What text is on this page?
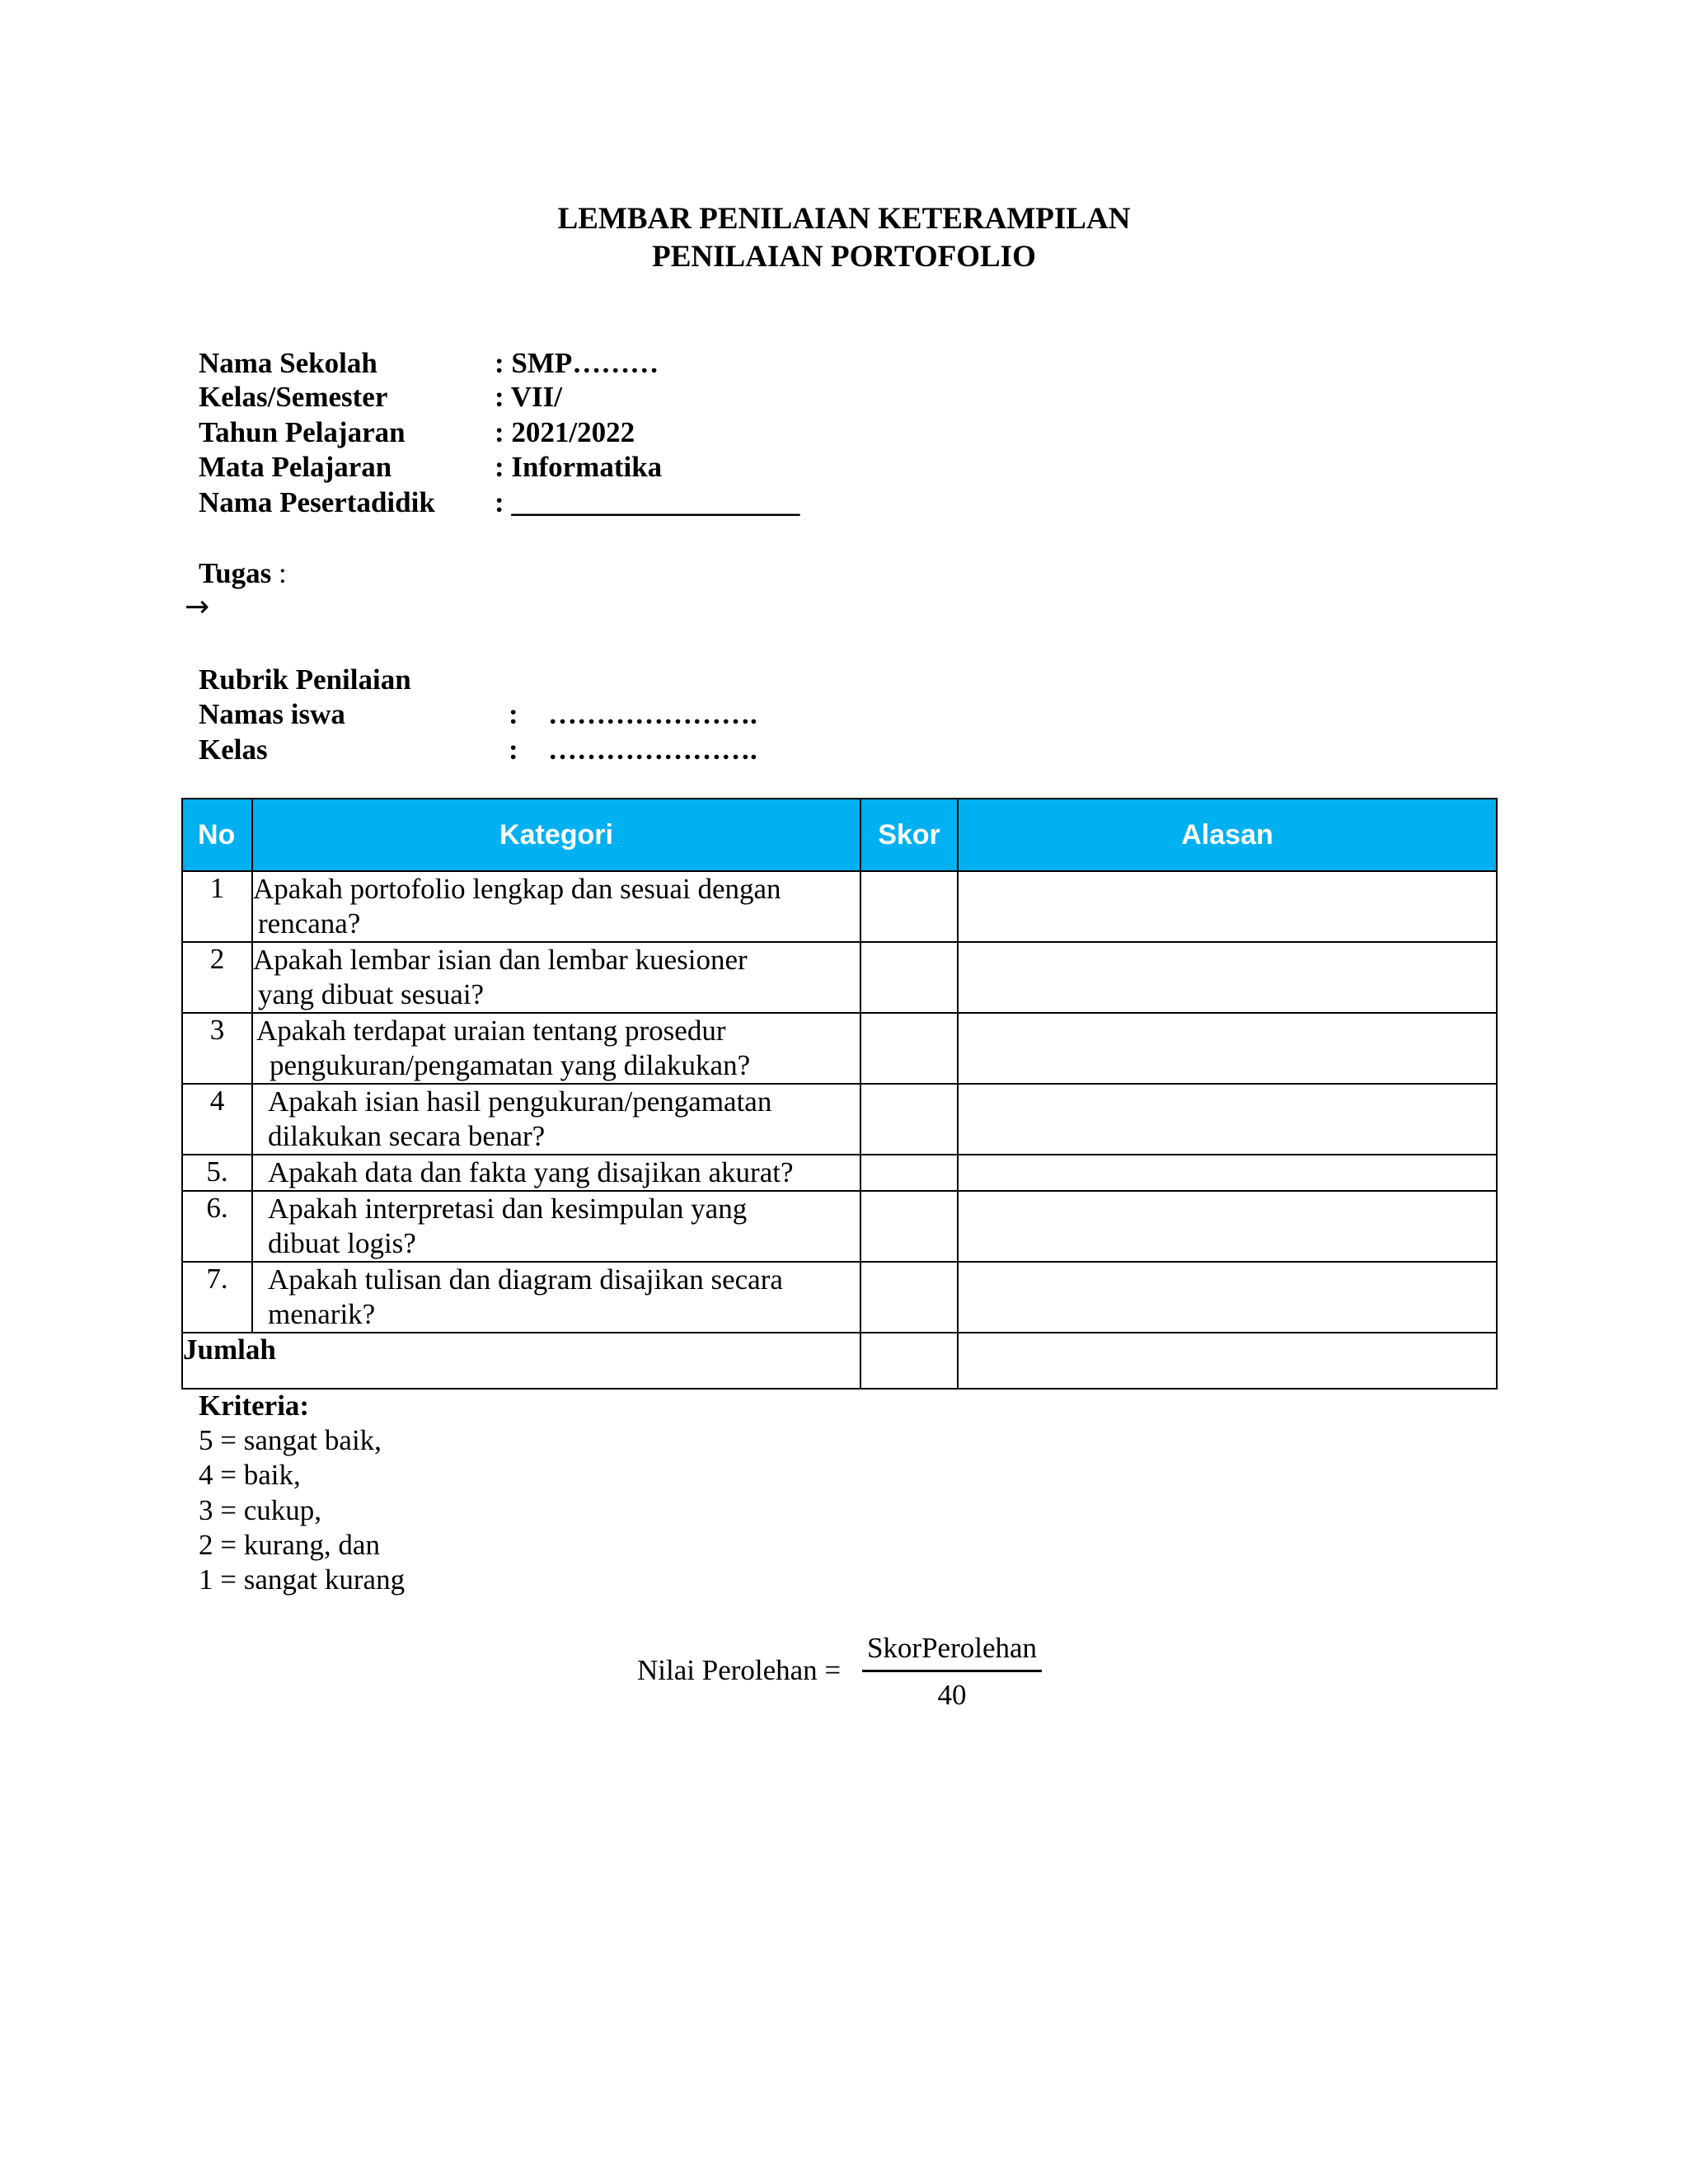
LEMBAR PENILAIAN KETERAMPILAN
PENILAIAN PORTOFOLIO
Nama Sekolah	: SMP………
Kelas/Semester	: VII/
Tahun Pelajaran	: 2021/2022
Mata Pelajaran	: Informatika
Nama Pesertadidik : ____________________
Tugas :
→
Rubrik Penilaian
Namas iswa	: ………………….
Kelas	: ………………….
No	Kategori	Skor	Alasan
1	Apakah portofolio lengkap dan sesuai dengan
rencana?		

2	Apakah lembar isian dan lembar kuesioner
yang dibuat sesuai?		

3	Apakah terdapat uraian tentang prosedur
pengukuran/pengamatan yang dilakukan?		

4	Apakah isian hasil pengukuran/pengamatan
dilakukan secara benar?		

5.	Apakah data dan fakta yang disajikan akurat?		

6.	Apakah interpretasi dan kesimpulan yang
dibuat logis?		

7.	Apakah tulisan dan diagram disajikan secara
menarik?		

Jumlah			
Kriteria:
5 = sangat baik,
4 = baik,
3 = cukup,
2 = kurang, dan
1 = sangat kurang
Nilai Perolehan =
SkorPerolehan
40
